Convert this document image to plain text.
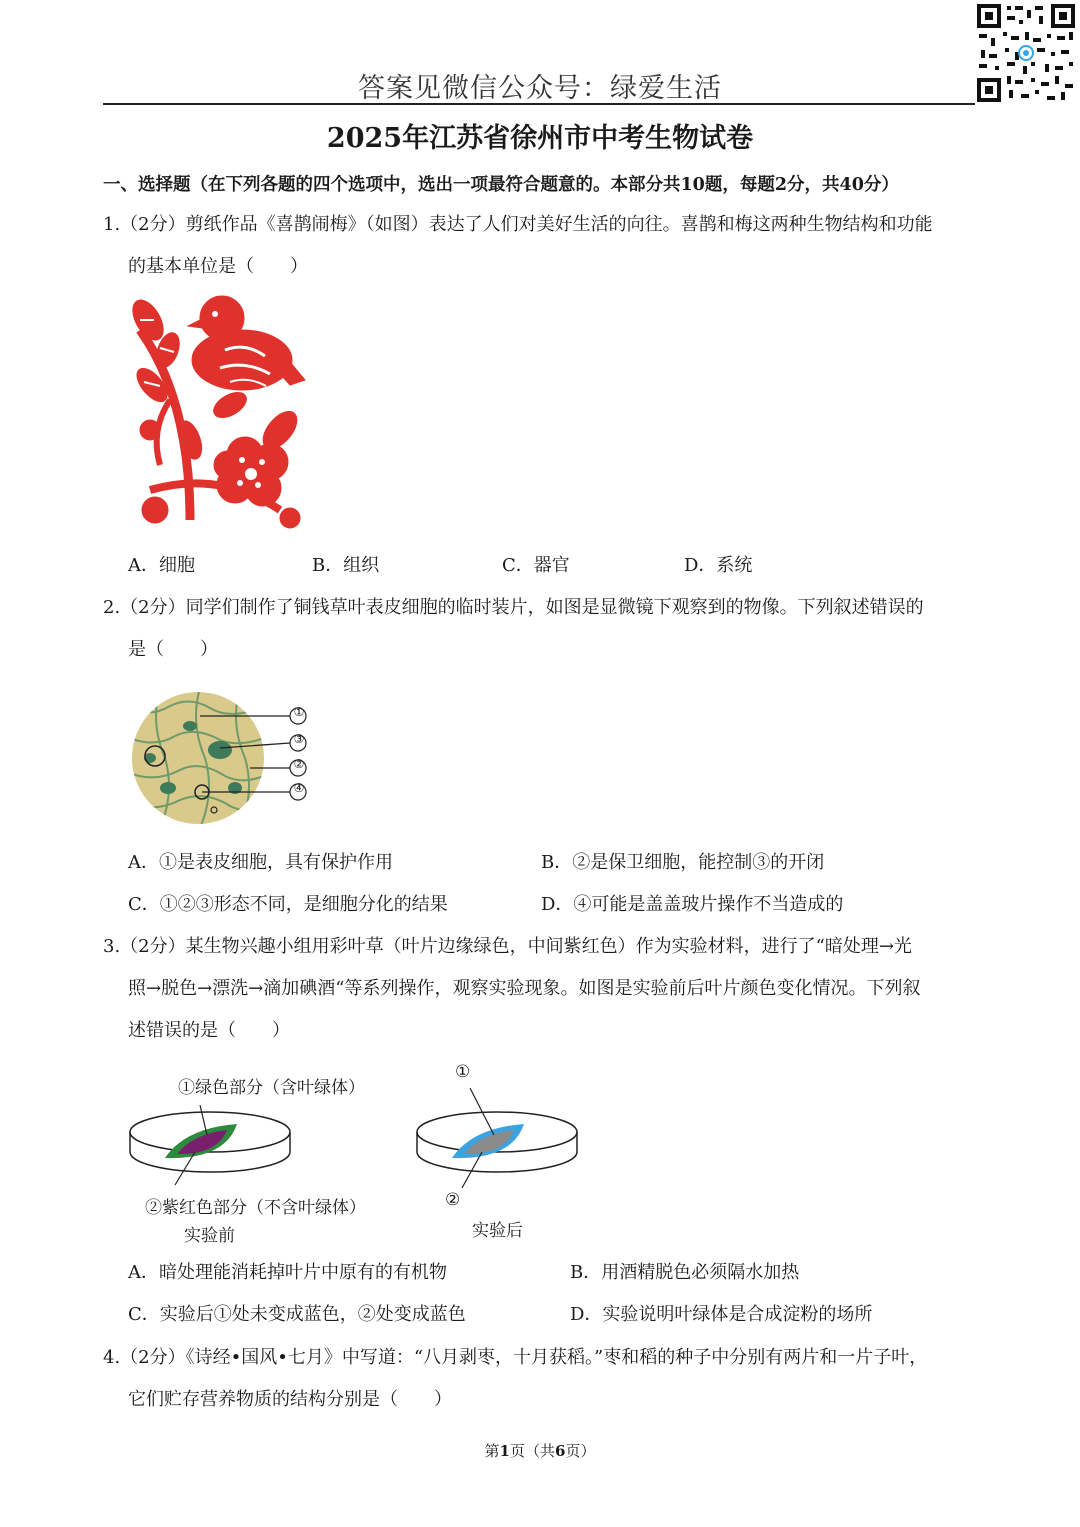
答案见微信公众号：绿爱生活
2025年江苏省徐州市中考生物试卷
一、选择题（在下列各题的四个选项中，选出一项最符合题意的。本部分共10题，每题2分，共40分）
1.（2分）剪纸作品《喜鹊闹梅》（如图）表达了人们对美好生活的向往。喜鹊和梅这两种生物结构和功能
的基本单位是（　　）
A．细胞	B．组织	C．器官	D．系统
2.（2分）同学们制作了铜钱草叶表皮细胞的临时装片，如图是显微镜下观察到的物像。下列叙述错误的
是（　　）
①
③
②
④
A．①是表皮细胞，具有保护作用	B．②是保卫细胞，能控制③的开闭
C．①②③形态不同，是细胞分化的结果	D．④可能是盖盖玻片操作不当造成的
3.（2分）某生物兴趣小组用彩叶草（叶片边缘绿色，中间紫红色）作为实验材料，进行了“暗处理→光
照→脱色→漂洗→滴加碘酒“等系列操作，观察实验现象。如图是实验前后叶片颜色变化情况。下列叙
述错误的是（　　）
①绿色部分（含叶绿体）
②紫红色部分（不含叶绿体）
实验前
①
②
实验后
A．暗处理能消耗掉叶片中原有的有机物	B．用酒精脱色必须隔水加热
C．实验后①处未变成蓝色，②处变成蓝色	D．实验说明叶绿体是合成淀粉的场所
4.（2分）《诗经•国风•七月》中写道：“八月剥枣，十月获稻。”枣和稻的种子中分别有两片和一片子叶，
它们贮存营养物质的结构分别是（　　）
第1页（共6页）
